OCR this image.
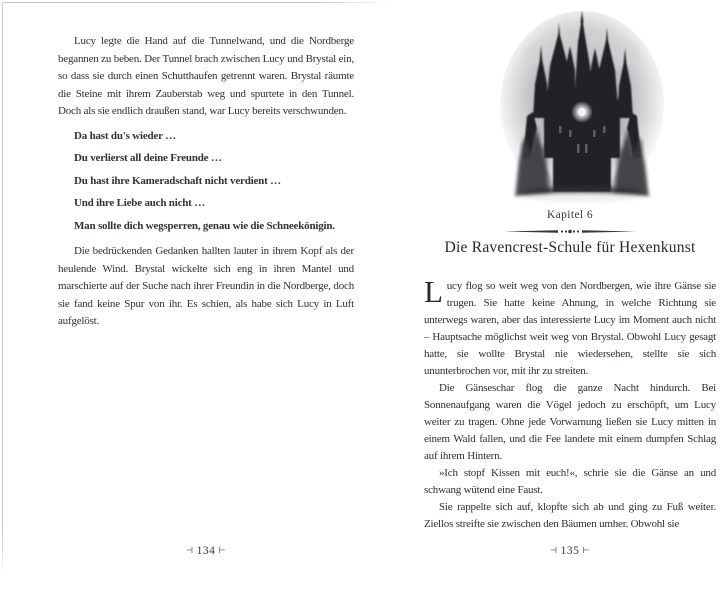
Lucy legte die Hand auf die Tunnelwand, und die Nordberge begannen zu beben. Der Tunnel brach zwischen Lucy und Brystal ein, so dass sie durch einen Schutthaufen getrennt waren. Brystal räumte die Steine mit ihrem Zauberstab weg und spurtete in den Tunnel. Doch als sie endlich draußen stand, war Lucy bereits verschwunden.

Da hast du's wieder …

Du verlierst all deine Freunde …

Du hast ihre Kameradschaft nicht verdient …

Und ihre Liebe auch nicht …

Man sollte dich wegsperren, genau wie die Schneekönigin.

Die bedrückenden Gedanken hallten lauter in ihrem Kopf als der heulende Wind. Brystal wickelte sich eng in ihren Mantel und marschierte auf der Suche nach ihrer Freundin in die Nordberge, doch sie fand keine Spur von ihr. Es schien, als habe sich Lucy in Luft aufgelöst.

Kapitel 6
Die Ravencrest-Schule für Hexenkunst

Lucy flog so weit weg von den Nordbergen, wie ihre Gänse sie trugen. Sie hatte keine Ahnung, in welche Richtung sie unterwegs waren, aber das interessierte Lucy im Moment auch nicht – Hauptsache möglichst weit weg von Brystal. Obwohl Lucy gesagt hatte, sie wollte Brystal nie wiedersehen, stellte sie sich ununterbrochen vor, mit ihr zu streiten.

Die Gänseschar flog die ganze Nacht hindurch. Bei Sonnenaufgang waren die Vögel jedoch zu erschöpft, um Lucy weiter zu tragen. Ohne jede Vorwarnung ließen sie Lucy mitten in einem Wald fallen, und die Fee landete mit einem dumpfen Schlag auf ihrem Hintern.

»Ich stopf Kissen mit euch!«, schrie sie die Gänse an und schwang wütend eine Faust.

Sie rappelte sich auf, klopfte sich ab und ging zu Fuß weiter. Ziellos streifte sie zwischen den Bäumen umher. Obwohl sie

⊣ 134 ⊢	⊣ 135 ⊢
